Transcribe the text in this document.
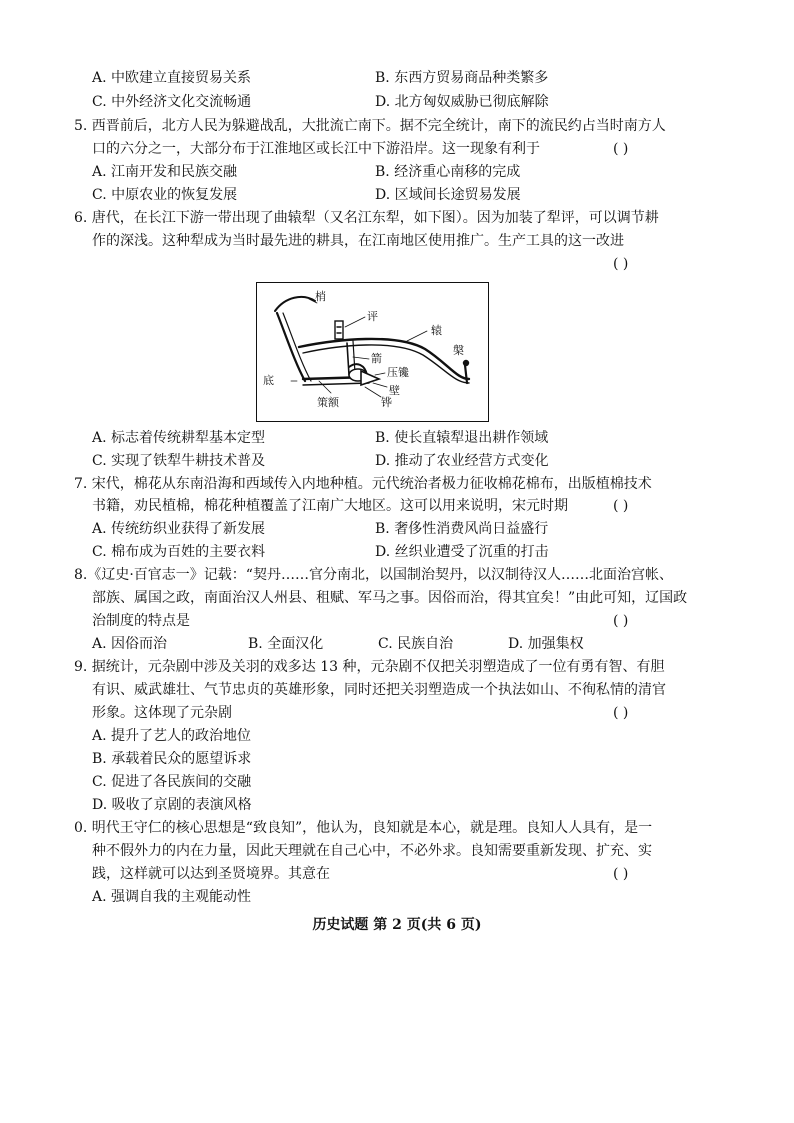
A. 中欧建立直接贸易关系	B. 东西方贸易商品种类繁多
C. 中外经济文化交流畅通	D. 北方匈奴威胁已彻底解除
5. 西晋前后，北方人民为躲避战乱，大批流亡南下。据不完全统计，南下的流民约占当时南方人
口的六分之一，大部分布于江淮地区或长江中下游沿岸。这一现象有利于	( )
A. 江南开发和民族交融	B. 经济重心南移的完成
C. 中原农业的恢复发展	D. 区域间长途贸易发展
6. 唐代，在长江下游一带出现了曲辕犁（又名江东犁，如下图）。因为加装了犁评，可以调节耕
作的深浅。这种犁成为当时最先进的耕具，在江南地区使用推广。生产工具的这一改进
( )
梢
评
辕
箭
槃
底
压镵
壁
策额	铧
A. 标志着传统耕犁基本定型	B. 使长直辕犁退出耕作领域
C. 实现了铁犁牛耕技术普及	D. 推动了农业经营方式变化
7. 宋代，棉花从东南沿海和西域传入内地种植。元代统治者极力征收棉花棉布，出版植棉技术
书籍，劝民植棉，棉花种植覆盖了江南广大地区。这可以用来说明，宋元时期	( )
A. 传统纺织业获得了新发展	B. 奢侈性消费风尚日益盛行
C. 棉布成为百姓的主要衣料	D. 丝织业遭受了沉重的打击
8.《辽史·百官志一》记载：“契丹……官分南北，以国制治契丹，以汉制待汉人……北面治宫帐、
部族、属国之政，南面治汉人州县、租赋、军马之事。因俗而治，得其宜矣！”由此可知，辽国政
治制度的特点是	( )
A. 因俗而治	B. 全面汉化	C. 民族自治	D. 加强集权
9. 据统计，元杂剧中涉及关羽的戏多达 13 种，元杂剧不仅把关羽塑造成了一位有勇有智、有胆
有识、威武雄壮、气节忠贞的英雄形象，同时还把关羽塑造成一个执法如山、不徇私情的清官
形象。这体现了元杂剧	( )
A. 提升了艺人的政治地位
B. 承载着民众的愿望诉求
C. 促进了各民族间的交融
D. 吸收了京剧的表演风格
0. 明代王守仁的核心思想是“致良知”，他认为，良知就是本心，就是理。良知人人具有，是一
种不假外力的内在力量，因此天理就在自己心中，不必外求。良知需要重新发现、扩充、实
践，这样就可以达到圣贤境界。其意在	( )
A. 强调自我的主观能动性
历史试题 第 2 页(共 6 页)
